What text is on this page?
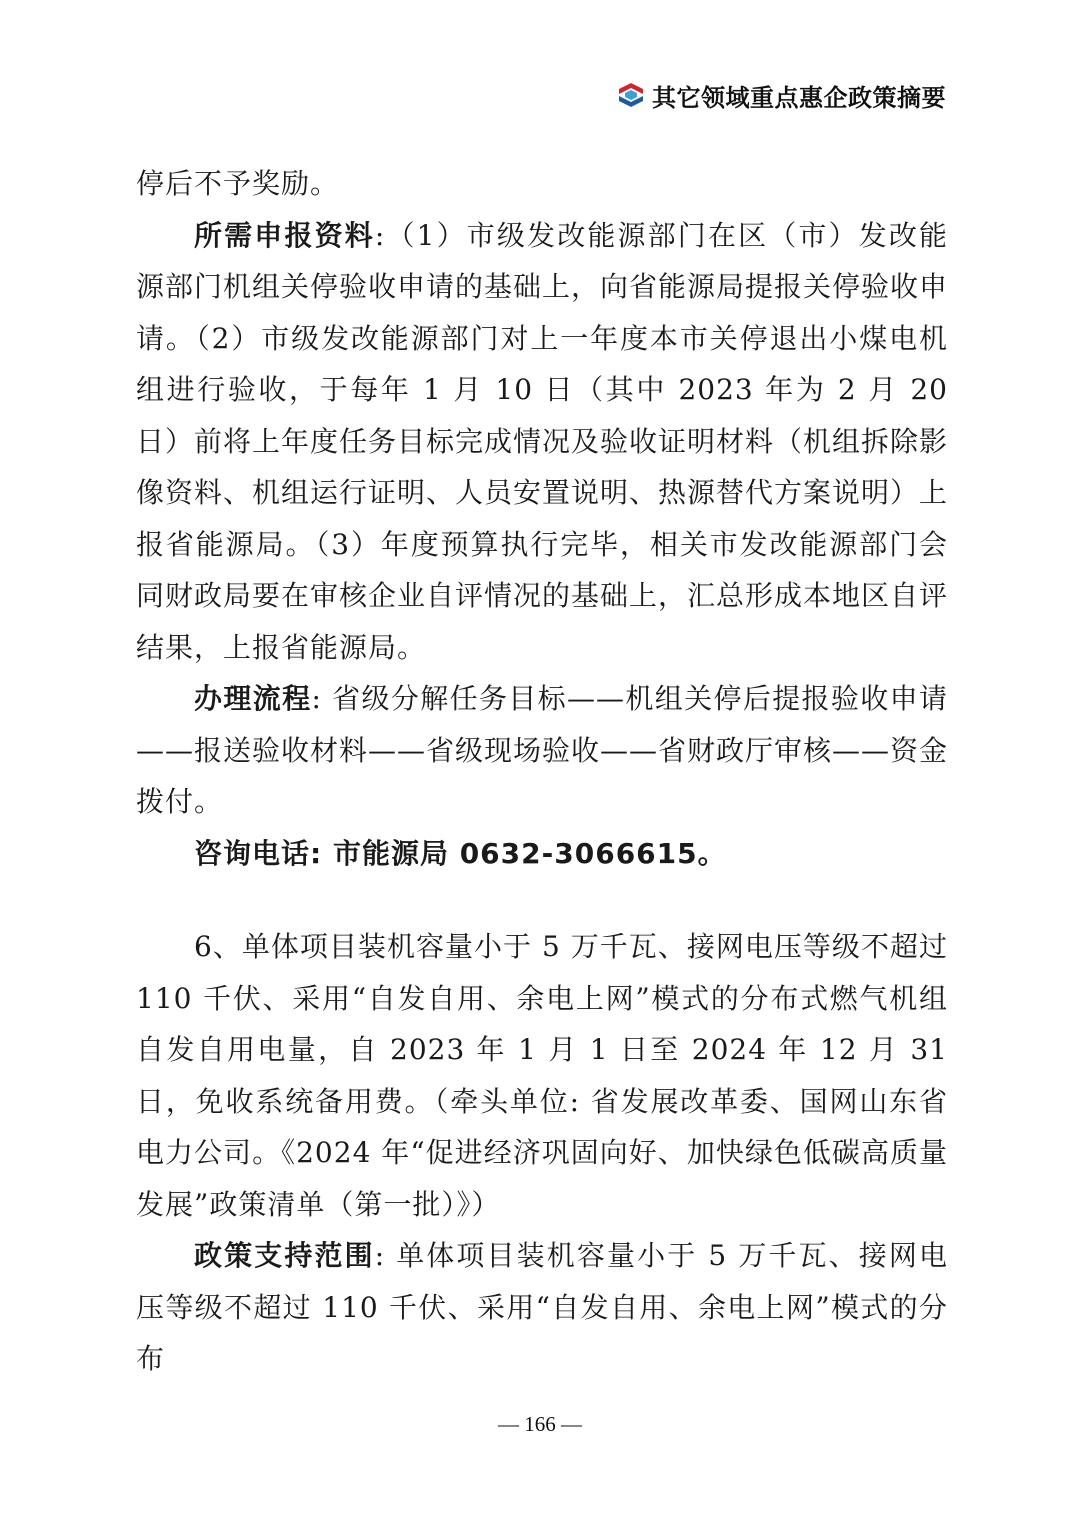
其它领域重点惠企政策摘要

停后不予奖励。

所需申报资料:（1）市级发改能源部门在区（市）发改能源部门机组关停验收申请的基础上，向省能源局提报关停验收申请。（2）市级发改能源部门对上一年度本市关停退出小煤电机组进行验收，于每年 1 月 10 日（其中 2023 年为 2 月 20 日）前将上年度任务目标完成情况及验收证明材料（机组拆除影像资料、机组运行证明、人员安置说明、热源替代方案说明）上报省能源局。（3）年度预算执行完毕，相关市发改能源部门会同财政局要在审核企业自评情况的基础上，汇总形成本地区自评结果，上报省能源局。

办理流程: 省级分解任务目标——机组关停后提报验收申请——报送验收材料——省级现场验收——省财政厅审核——资金拨付。

咨询电话: 市能源局 0632-3066615。

6、单体项目装机容量小于 5 万千瓦、接网电压等级不超过 110 千伏、采用“自发自用、余电上网”模式的分布式燃气机组自发自用电量，自 2023 年 1 月 1 日至 2024 年 12 月 31 日，免收系统备用费。（牵头单位: 省发展改革委、国网山东省电力公司。《2024 年“促进经济巩固向好、加快绿色低碳高质量发展”政策清单（第一批）》）

政策支持范围: 单体项目装机容量小于 5 万千瓦、接网电压等级不超过 110 千伏、采用“自发自用、余电上网”模式的分布

— 166 —
